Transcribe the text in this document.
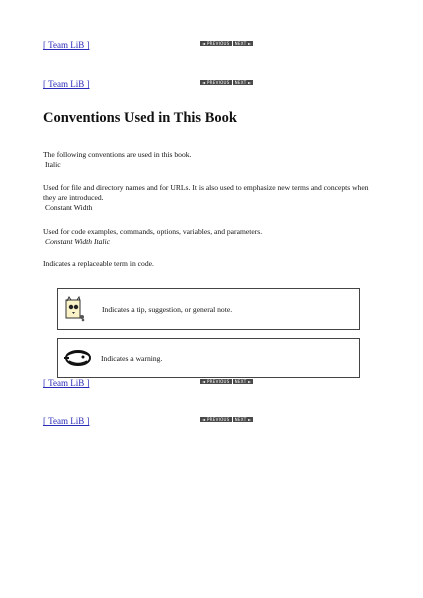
[ Team LiB ]	◄ PREVIOUS	NEXT ►
[ Team LiB ]	◄ PREVIOUS	NEXT ►
Conventions Used in This Book
The following conventions are used in this book.
Italic
Used for file and directory names and for URLs. It is also used to emphasize new terms and concepts when they are introduced.
Constant Width
Used for code examples, commands, options, variables, and parameters.
Constant Width Italic
Indicates a replaceable term in code.
Indicates a tip, suggestion, or general note.
Indicates a warning.
[ Team LiB ]	◄ PREVIOUS	NEXT ►
[ Team LiB ]	◄ PREVIOUS	NEXT ►
